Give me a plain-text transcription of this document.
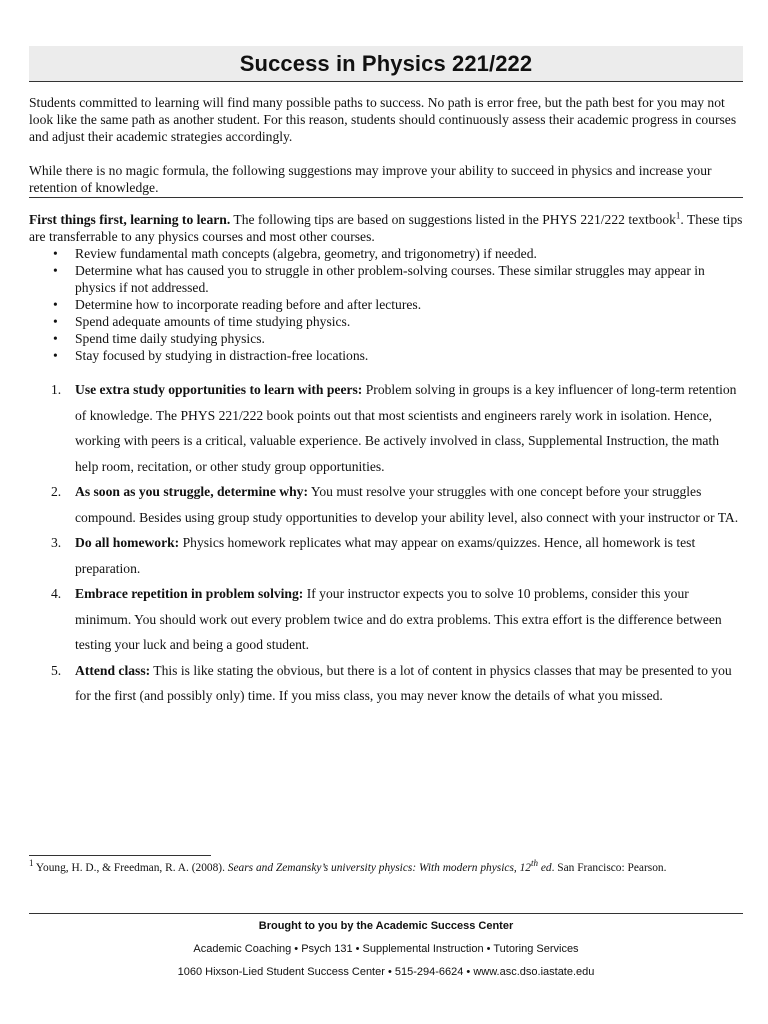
Success in Physics 221/222

Students committed to learning will find many possible paths to success. No path is error free, but the path best for you may not look like the same path as another student. For this reason, students should continuously assess their academic progress in courses and adjust their academic strategies accordingly.

While there is no magic formula, the following suggestions may improve your ability to succeed in physics and increase your retention of knowledge.

First things first, learning to learn. The following tips are based on suggestions listed in the PHYS 221/222 textbook$^1$. These tips are transferrable to any physics courses and most other courses.

• Review fundamental math concepts (algebra, geometry, and trigonometry) if needed.
• Determine what has caused you to struggle in other problem-solving courses. These similar struggles may appear in physics if not addressed.
• Determine how to incorporate reading before and after lectures.
• Spend adequate amounts of time studying physics.
• Spend time daily studying physics.
• Stay focused by studying in distraction-free locations.
1. Use extra study opportunities to learn with peers: Problem solving in groups is a key influencer of long-term retention of knowledge. The PHYS 221/222 book points out that most scientists and engineers rarely work in isolation. Hence, working with peers is a critical, valuable experience. Be actively involved in class, Supplemental Instruction, the math help room, recitation, or other study group opportunities.
2. As soon as you struggle, determine why: You must resolve your struggles with one concept before your struggles compound. Besides using group study opportunities to develop your ability level, also connect with your instructor or TA.
3. Do all homework: Physics homework replicates what may appear on exams/quizzes. Hence, all homework is test preparation.
4. Embrace repetition in problem solving: If your instructor expects you to solve 10 problems, consider this your minimum. You should work out every problem twice and do extra problems. This extra effort is the difference between testing your luck and being a good student.
5. Attend class: This is like stating the obvious, but there is a lot of content in physics classes that may be presented to you for the first (and possibly only) time. If you miss class, you may never know the details of what you missed.
$^1$ Young, H. D., & Freedman, R. A. (2008). Sears and Zemansky’s university physics: With modern physics, 12th ed. San Francisco: Pearson.
Brought to you by the Academic Success Center
Academic Coaching • Psych 131 • Supplemental Instruction • Tutoring Services
1060 Hixson-Lied Student Success Center • 515-294-6624 • www.asc.dso.iastate.edu
